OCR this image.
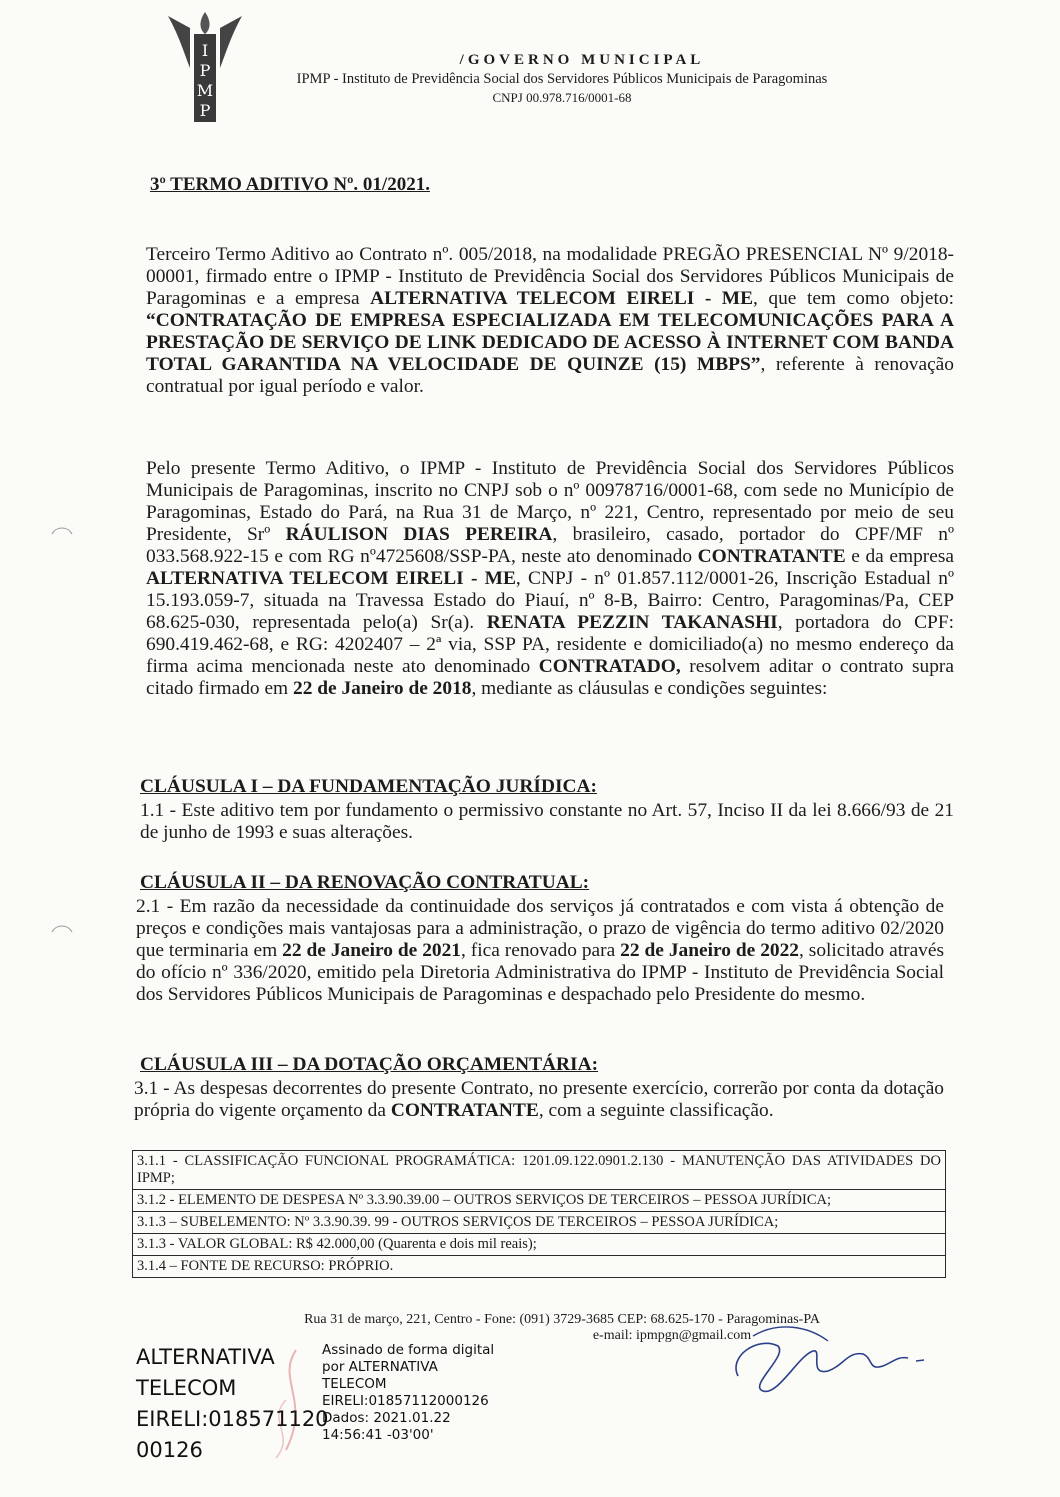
I
P
M
P
/GOVERNO MUNICIPAL
IPMP - Instituto de Previdência Social dos Servidores Públicos Municipais de Paragominas
CNPJ 00.978.716/0001-68
3º TERMO ADITIVO Nº. 01/2021.
Terceiro Termo Aditivo ao Contrato nº. 005/2018, na modalidade PREGÃO PRESENCIAL Nº 9/2018-00001, firmado entre o IPMP - Instituto de Previdência Social dos Servidores Públicos Municipais de Paragominas e a empresa ALTERNATIVA TELECOM EIRELI - ME, que tem como objeto: “CONTRATAÇÃO DE EMPRESA ESPECIALIZADA EM TELECOMUNICAÇÕES PARA A PRESTAÇÃO DE SERVIÇO DE LINK DEDICADO DE ACESSO À INTERNET COM BANDA TOTAL GARANTIDA NA VELOCIDADE DE QUINZE (15) MBPS”, referente à renovação contratual por igual período e valor.
Pelo presente Termo Aditivo, o IPMP - Instituto de Previdência Social dos Servidores Públicos Municipais de Paragominas, inscrito no CNPJ sob o nº 00978716/0001-68, com sede no Município de Paragominas, Estado do Pará, na Rua 31 de Março, nº 221, Centro, representado por meio de seu Presidente, Srº RÁULISON DIAS PEREIRA, brasileiro, casado, portador do CPF/MF nº 033.568.922-15 e com RG nº4725608/SSP-PA, neste ato denominado CONTRATANTE e da empresa ALTERNATIVA TELECOM EIRELI - ME, CNPJ - nº 01.857.112/0001-26, Inscrição Estadual nº 15.193.059-7, situada na Travessa Estado do Piauí, nº 8-B, Bairro: Centro, Paragominas/Pa, CEP 68.625-030, representada pelo(a) Sr(a). RENATA PEZZIN TAKANASHI, portadora do CPF: 690.419.462-68, e RG: 4202407 – 2ª via, SSP PA, residente e domiciliado(a) no mesmo endereço da firma acima mencionada neste ato denominado CONTRATADO, resolvem aditar o contrato supra citado firmado em 22 de Janeiro de 2018, mediante as cláusulas e condições seguintes:
CLÁUSULA I – DA FUNDAMENTAÇÃO JURÍDICA:
1.1 - Este aditivo tem por fundamento o permissivo constante no Art. 57, Inciso II da lei 8.666/93 de 21 de junho de 1993 e suas alterações.
CLÁUSULA II – DA RENOVAÇÃO CONTRATUAL:
2.1 - Em razão da necessidade da continuidade dos serviços já contratados e com vista á obtenção de preços e condições mais vantajosas para a administração, o prazo de vigência do termo aditivo 02/2020 que terminaria em 22 de Janeiro de 2021, fica renovado para 22 de Janeiro de 2022, solicitado através do ofício nº 336/2020, emitido pela Diretoria Administrativa do IPMP - Instituto de Previdência Social dos Servidores Públicos Municipais de Paragominas e despachado pelo Presidente do mesmo.
CLÁUSULA III – DA DOTAÇÃO ORÇAMENTÁRIA:
3.1 - As despesas decorrentes do presente Contrato, no presente exercício, correrão por conta da dotação própria do vigente orçamento da CONTRATANTE, com a seguinte classificação.
3.1.1 - CLASSIFICAÇÃO FUNCIONAL PROGRAMÁTICA: 1201.09.122.0901.2.130 - MANUTENÇÃO DAS ATIVIDADES DO IPMP;
3.1.2 - ELEMENTO DE DESPESA Nº 3.3.90.39.00 – OUTROS SERVIÇOS DE TERCEIROS – PESSOA JURÍDICA;
3.1.3 – SUBELEMENTO: Nº 3.3.90.39. 99 - OUTROS SERVIÇOS DE TERCEIROS – PESSOA JURÍDICA;
3.1.3 - VALOR GLOBAL: R$ 42.000,00 (Quarenta e dois mil reais);
3.1.4 – FONTE DE RECURSO: PRÓPRIO.
Rua 31 de março, 221, Centro - Fone: (091) 3729-3685 CEP: 68.625-170 - Paragominas-PA
e-mail: ipmpgn@gmail.com
ALTERNATIVA
TELECOM
EIRELI:018571120
00126
Assinado de forma digital
por ALTERNATIVA
TELECOM
EIRELI:01857112000126
Dados: 2021.01.22
14:56:41 -03'00'
